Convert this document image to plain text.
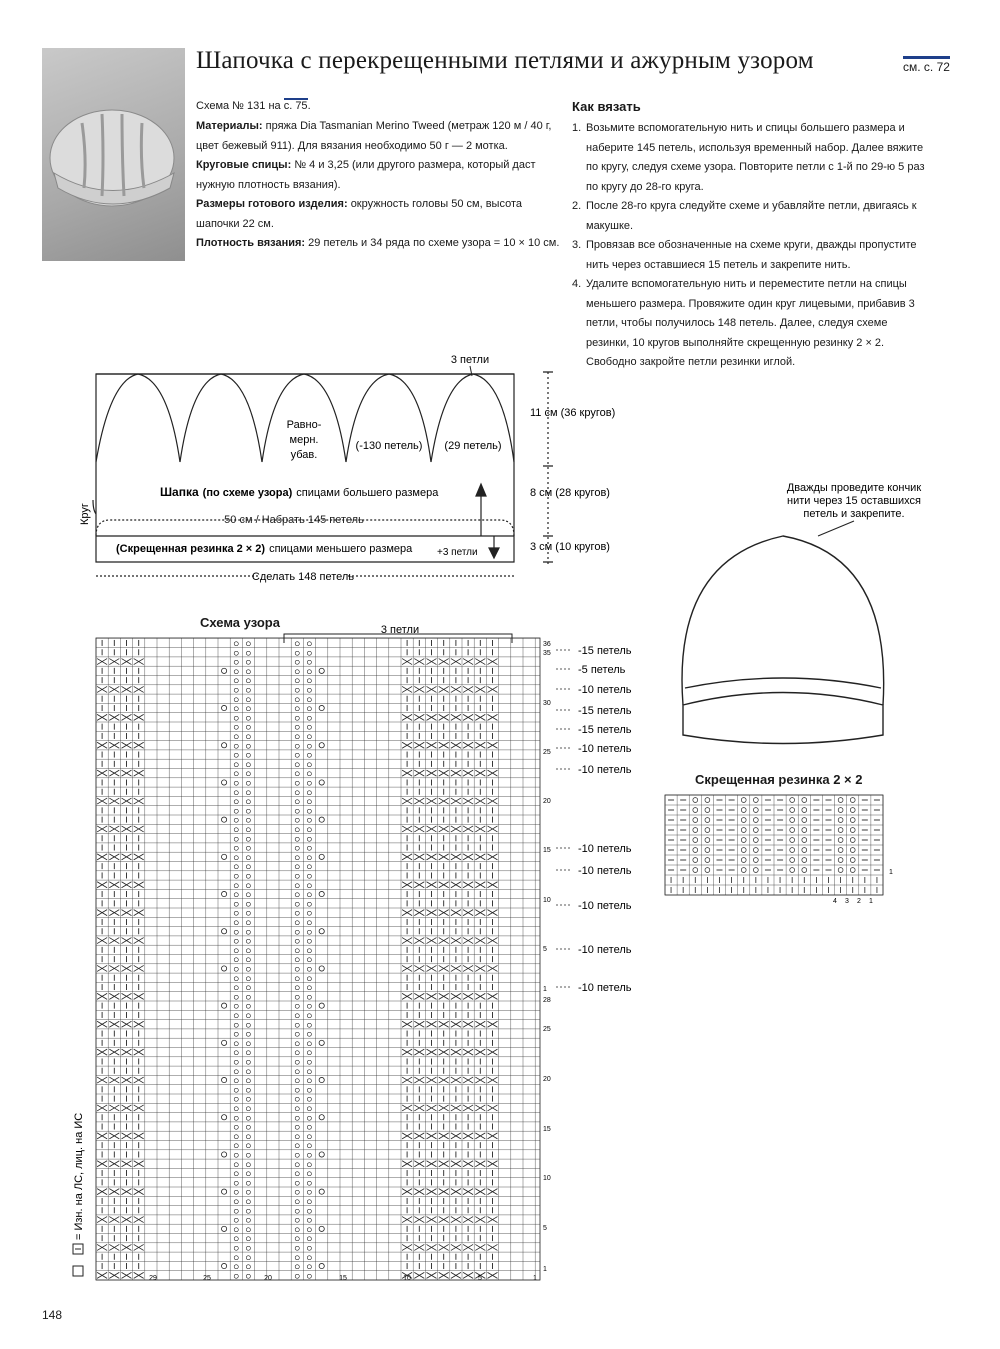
Шапочка с перекрещенными петлями и ажурным узором	см. с. 72
Схема № 131 на с. 75.
Материалы: пряжа Dia Tasmanian Merino Tweed (метраж 120 м / 40 г, цвет бежевый 911). Для вязания необходимо 50 г — 2 мотка.
Круговые спицы: № 4 и 3,25 (или другого размера, который даст нужную плотность вязания).
Размеры готового изделия: окружность головы 50 см, высота шапочки 22 см.
Плотность вязания: 29 петель и 34 ряда по схеме узора = 10 × 10 см.
Как вязать
1. Возьмите вспомогательную нить и спицы большего размера и наберите 145 петель, используя временный набор. Далее вяжите по кругу, следуя схеме узора. Повторите петли с 1-й по 29-ю 5 раз по кругу до 28-го круга.
2. После 28-го круга следуйте схеме и убавляйте петли, двигаясь к макушке.
3. Провязав все обозначенные на схеме круги, дважды пропустите нить через оставшиеся 15 петель и закрепите нить.
4. Удалите вспомогательную нить и переместите петли на спицы меньшего размера. Провяжите один круг лицевыми, прибавив 3 петли, чтобы получилось 148 петель. Далее, следуя схеме резинки, 10 кругов выполняйте скрещенную резинку 2 × 2. Свободно закройте петли резинки иглой.
3 петли
Равно-
мерн.
убав.
(-130 петель) (29 петель)
11 см (36 кругов)
8 см (28 кругов)
3 см (10 кругов)
Шапка (по схеме узора) спицами большего размера
Круг	50 см / Набрать 145 петель
(Скрещенная резинка 2 × 2) спицами меньшего размера +3 петли
Сделать 148 петель
Дважды проведите кончик
нити через 15 оставшихся
петель и закрепите.
Схема узора
੦ ੦	੦ ੦
੦ ੦	੦ ੦
੦ ੦	੦ ੦
੦ ੦	੦ ੦
੦ ੦	੦ ੦
੦ ੦	੦ ੦
੦ ੦	੦ ੦
੦ ੦	੦ ੦
੦ ੦	੦ ੦
੦ ੦	੦ ੦
੦ ੦	੦ ੦
੦ ੦	੦ ੦
੦ ੦	੦ ੦
੦ ੦	੦ ੦
੦ ੦	੦ ੦
੦ ੦	੦ ੦
੦ ੦	੦ ੦
੦ ੦	੦ ੦
੦ ੦	੦ ੦
੦ ੦	੦ ੦
੦ ੦	੦ ੦
੦ ੦	੦ ੦
੦ ੦	੦ ੦
੦ ੦	੦ ੦
੦ ੦	੦ ੦
੦ ੦	੦ ੦
੦ ੦	੦ ੦
੦ ੦	੦ ੦
੦ ੦	੦ ੦
੦ ੦	੦ ੦
੦ ੦	੦ ੦
੦ ੦	੦ ੦
੦ ੦	੦ ੦
੦ ੦	੦ ੦
੦ ੦	੦ ੦
੦ ੦	੦ ੦
੦ ੦	੦ ੦
੦ ੦	੦ ੦
੦ ੦	੦ ੦
੦ ੦	੦ ੦
੦ ੦	੦ ੦
੦ ੦	੦ ੦
੦ ੦	੦ ੦
੦ ੦	੦ ੦
੦ ੦	੦ ੦
੦ ੦	੦ ੦
੦ ੦	੦ ੦
੦ ੦	੦ ੦
੦ ੦	੦ ੦
੦ ੦	੦ ੦
੦ ੦	੦ ੦
੦ ੦	੦ ੦
੦ ੦	੦ ੦
੦ ੦	੦ ੦
੦ ੦	੦ ੦
੦ ੦	੦ ੦
੦ ੦	੦ ੦
੦ ੦	੦ ੦
੦ ੦	੦ ੦
੦ ੦	੦ ੦
੦ ੦	੦ ੦
੦ ੦	੦ ੦
੦ ੦	੦ ੦
੦ ੦	੦ ੦
੦ ੦	੦ ੦
੦ ੦	੦ ੦
੦ ੦	੦ ੦
੦ ੦	੦ ੦
੦ ੦	੦ ੦
3 петли
-15 петель
-5 петель
-10 петель
-15 петель
-15 петель
-10 петель
-10 петель
-10 петель
-10 петель
-10 петель
-10 петель
-10 петель
36
35
30
25
20
15
10
5
1
28
25
20
15
10
5
1
29	25	20	15	10	5	1
= Изн. на ЛС, лиц. на ИС
Скрещенная резинка 2 × 2
1
4 3 2 1
148
